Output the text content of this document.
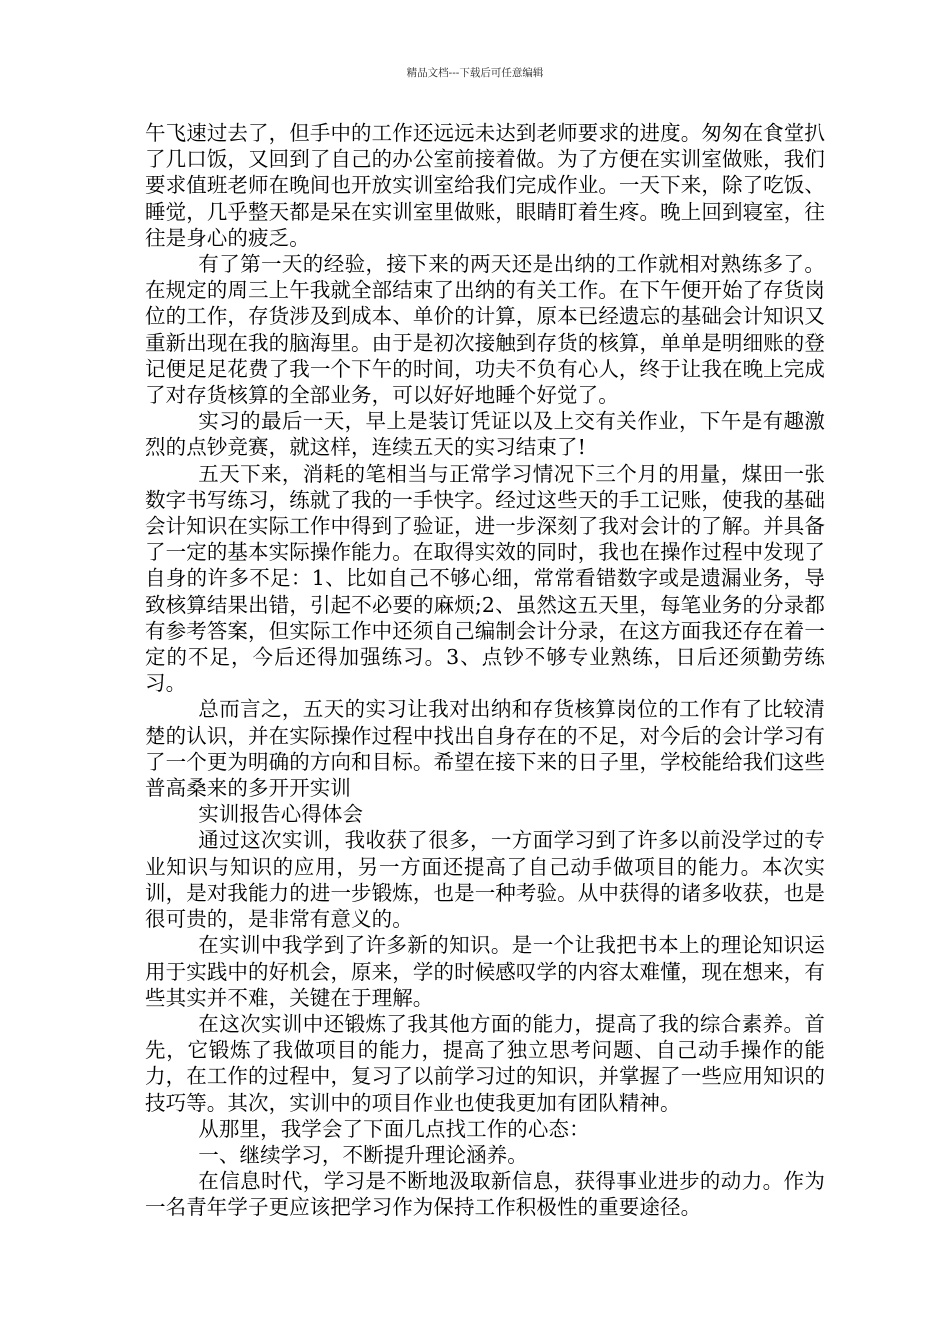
精品文档---下载后可任意编辑

午飞速过去了，但手中的工作还远远未达到老师要求的进度。匆匆在食堂扒了几口饭，又回到了自己的办公室前接着做。为了方便在实训室做账，我们要求值班老师在晚间也开放实训室给我们完成作业。一天下来，除了吃饭、睡觉，几乎整天都是呆在实训室里做账，眼睛盯着生疼。晚上回到寝室，往往是身心的疲乏。

有了第一天的经验，接下来的两天还是出纳的工作就相对熟练多了。在规定的周三上午我就全部结束了出纳的有关工作。在下午便开始了存货岗位的工作，存货涉及到成本、单价的计算，原本已经遗忘的基础会计知识又重新出现在我的脑海里。由于是初次接触到存货的核算，单单是明细账的登记便足足花费了我一个下午的时间，功夫不负有心人，终于让我在晚上完成了对存货核算的全部业务，可以好好地睡个好觉了。

实习的最后一天，早上是装订凭证以及上交有关作业，下午是有趣激烈的点钞竞赛，就这样，连续五天的实习结束了!

五天下来，消耗的笔相当与正常学习情况下三个月的用量，煤田一张数字书写练习，练就了我的一手快字。经过这些天的手工记账，使我的基础会计知识在实际工作中得到了验证，进一步深刻了我对会计的了解。并具备了一定的基本实际操作能力。在取得实效的同时，我也在操作过程中发现了自身的许多不足：1、比如自己不够心细，常常看错数字或是遗漏业务，导致核算结果出错，引起不必要的麻烦;2、虽然这五天里，每笔业务的分录都有参考答案，但实际工作中还须自己编制会计分录，在这方面我还存在着一定的不足，今后还得加强练习。3、点钞不够专业熟练，日后还须勤劳练习。

总而言之，五天的实习让我对出纳和存货核算岗位的工作有了比较清楚的认识，并在实际操作过程中找出自身存在的不足，对今后的会计学习有了一个更为明确的方向和目标。希望在接下来的日子里，学校能给我们这些普高桑来的多开开实训

实训报告心得体会

通过这次实训，我收获了很多，一方面学习到了许多以前没学过的专业知识与知识的应用，另一方面还提高了自己动手做项目的能力。本次实训，是对我能力的进一步锻炼，也是一种考验。从中获得的诸多收获，也是很可贵的，是非常有意义的。

在实训中我学到了许多新的知识。是一个让我把书本上的理论知识运用于实践中的好机会，原来，学的时候感叹学的内容太难懂，现在想来，有些其实并不难，关键在于理解。

在这次实训中还锻炼了我其他方面的能力，提高了我的综合素养。首先，它锻炼了我做项目的能力，提高了独立思考问题、自己动手操作的能力，在工作的过程中，复习了以前学习过的知识，并掌握了一些应用知识的技巧等。其次，实训中的项目作业也使我更加有团队精神。

从那里，我学会了下面几点找工作的心态：

一、继续学习，不断提升理论涵养。

在信息时代，学习是不断地汲取新信息，获得事业进步的动力。作为一名青年学子更应该把学习作为保持工作积极性的重要途径。
